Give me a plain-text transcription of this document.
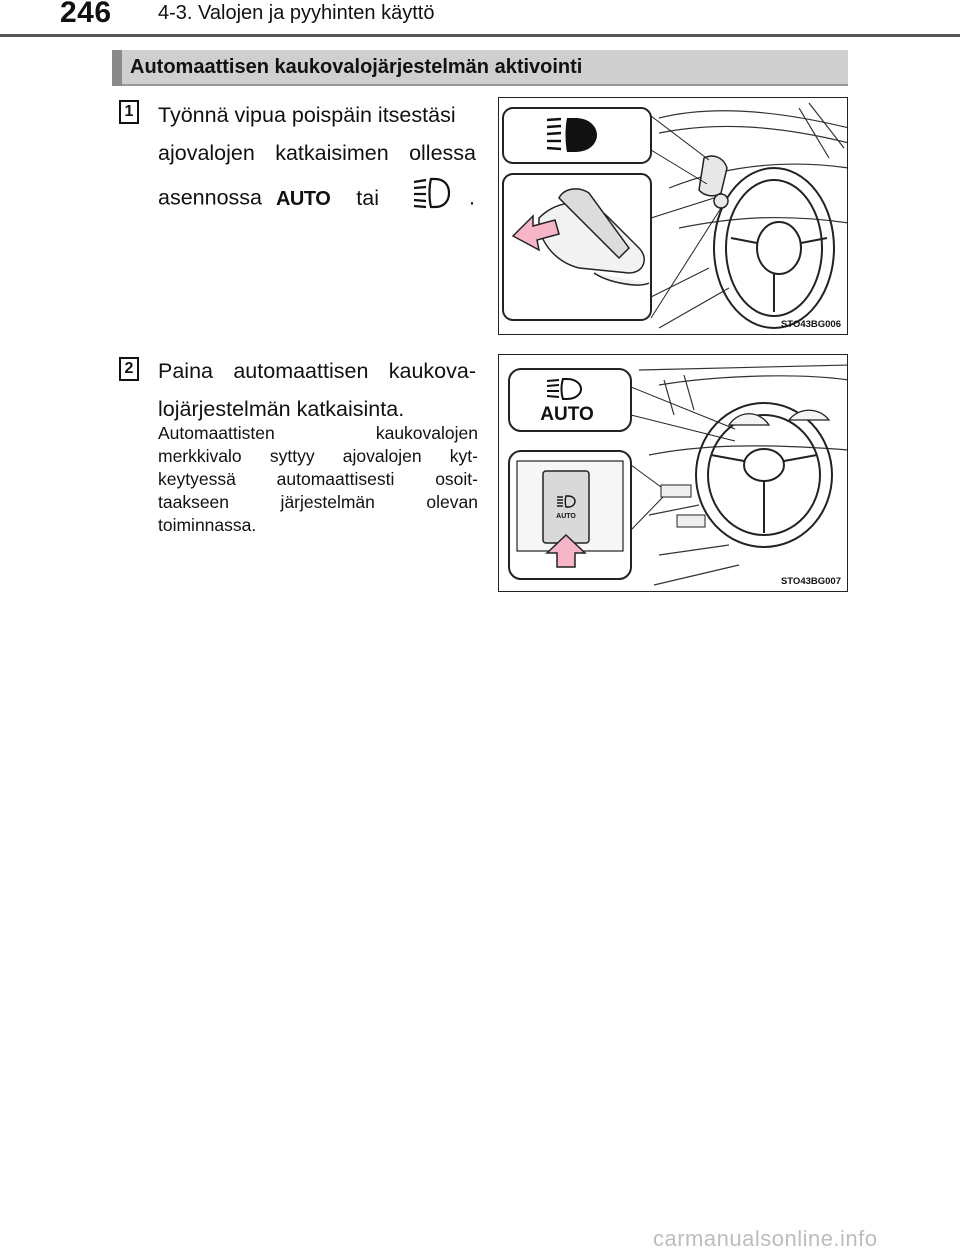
246 4-3. Valojen ja pyyhinten käyttö
Automaattisen kaukovalojärjestelmän aktivointi
1 Työnnä vipua poispäin itsestäsi
ajovalojen katkaisimen ollessa
asennossa AUTO tai	.
STO43BG006
2 Paina automaattisen kaukova-
lojärjestelmän katkaisinta.
Automaattisten kaukovalojen
merkkivalo syttyy ajovalojen kyt-
keytyessä automaattisesti osoit-
taakseen järjestelmän olevan
toiminnassa.
AUTO
AUTO
STO43BG007
carmanualsonline.info
